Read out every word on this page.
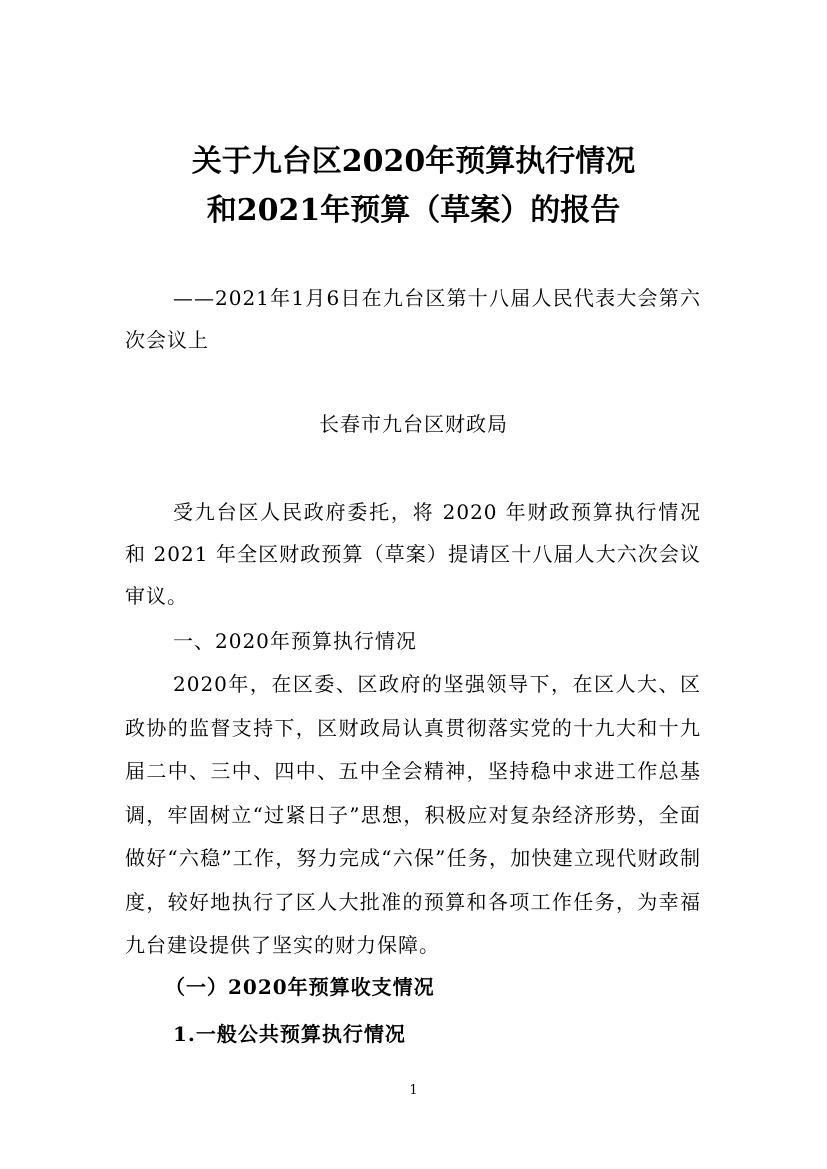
关于九台区2020年预算执行情况
和2021年预算（草案）的报告

——2021年1月6日在九台区第十八届人民代表大会第六次会议上

长春市九台区财政局

受九台区人民政府委托，将 2020 年财政预算执行情况和 2021 年全区财政预算（草案）提请区十八届人大六次会议审议。

一、2020年预算执行情况

2020年，在区委、区政府的坚强领导下，在区人大、区政协的监督支持下，区财政局认真贯彻落实党的十九大和十九届二中、三中、四中、五中全会精神，坚持稳中求进工作总基调，牢固树立“过紧日子”思想，积极应对复杂经济形势，全面做好“六稳”工作，努力完成“六保”任务，加快建立现代财政制度，较好地执行了区人大批准的预算和各项工作任务，为幸福九台建设提供了坚实的财力保障。

（一）2020年预算收支情况

1.一般公共预算执行情况

1
